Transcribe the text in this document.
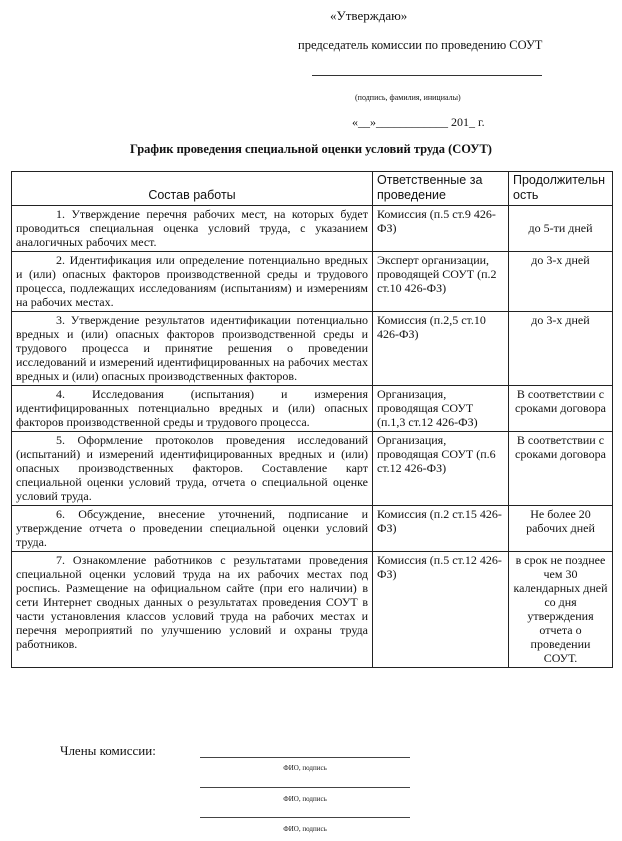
«Утверждаю»
председатель комиссии по проведению СОУТ
(подпись, фамилия, инициалы)
«__»____________ 201_ г.
График проведения специальной оценки условий труда (СОУТ)
Состав работы	Ответственные за проведение	Продолжительность
1. Утверждение перечня рабочих мест, на которых будет проводиться специальная оценка условий труда, с указанием аналогичных рабочих мест.	Комиссия (п.5 ст.9 426-ФЗ)	до 5-ти дней
2. Идентификация или определение потенциально вредных и (или) опасных факторов производственной среды и трудового процесса, подлежащих исследованиям (испытаниям) и измерениям на рабочих местах.	Эксперт организации, проводящей СОУТ (п.2 ст.10 426-ФЗ)	до 3-х дней
3. Утверждение результатов идентификации потенциально вредных и (или) опасных факторов производственной среды и трудового процесса и принятие решения о проведении исследований и измерений идентифицированных на рабочих местах вредных и (или) опасных производственных факторов.	Комиссия (п.2,5 ст.10 426-ФЗ)	до 3-х дней
4. Исследования (испытания) и измерения идентифицированных потенциально вредных и (или) опасных факторов производственной среды и трудового процесса.	Организация, проводящая СОУТ (п.1,3 ст.12 426-ФЗ)	В соответствии с сроками договора
5. Оформление протоколов проведения исследований (испытаний) и измерений идентифицированных вредных и (или) опасных производственных факторов. Составление карт специальной оценки условий труда, отчета о специальной оценке условий труда.	Организация, проводящая СОУТ (п.6 ст.12 426-ФЗ)	В соответствии с сроками договора
6. Обсуждение, внесение уточнений, подписание и утверждение отчета о проведении специальной оценки условий труда.	Комиссия (п.2 ст.15 426-ФЗ)	Не более 20 рабочих дней
7. Ознакомление работников с результатами проведения специальной оценки условий труда на их рабочих местах под роспись. Размещение на официальном сайте (при его наличии) в сети Интернет сводных данных о результатах проведения СОУТ в части установления классов условий труда на рабочих местах и перечня мероприятий по улучшению условий и охраны труда работников.	Комиссия (п.5 ст.12 426-ФЗ)	в срок не позднее чем 30 календарных дней со дня утверждения отчета о проведении СОУТ.
Члены комиссии:
ФИО, подпись
ФИО, подпись
ФИО, подпись
